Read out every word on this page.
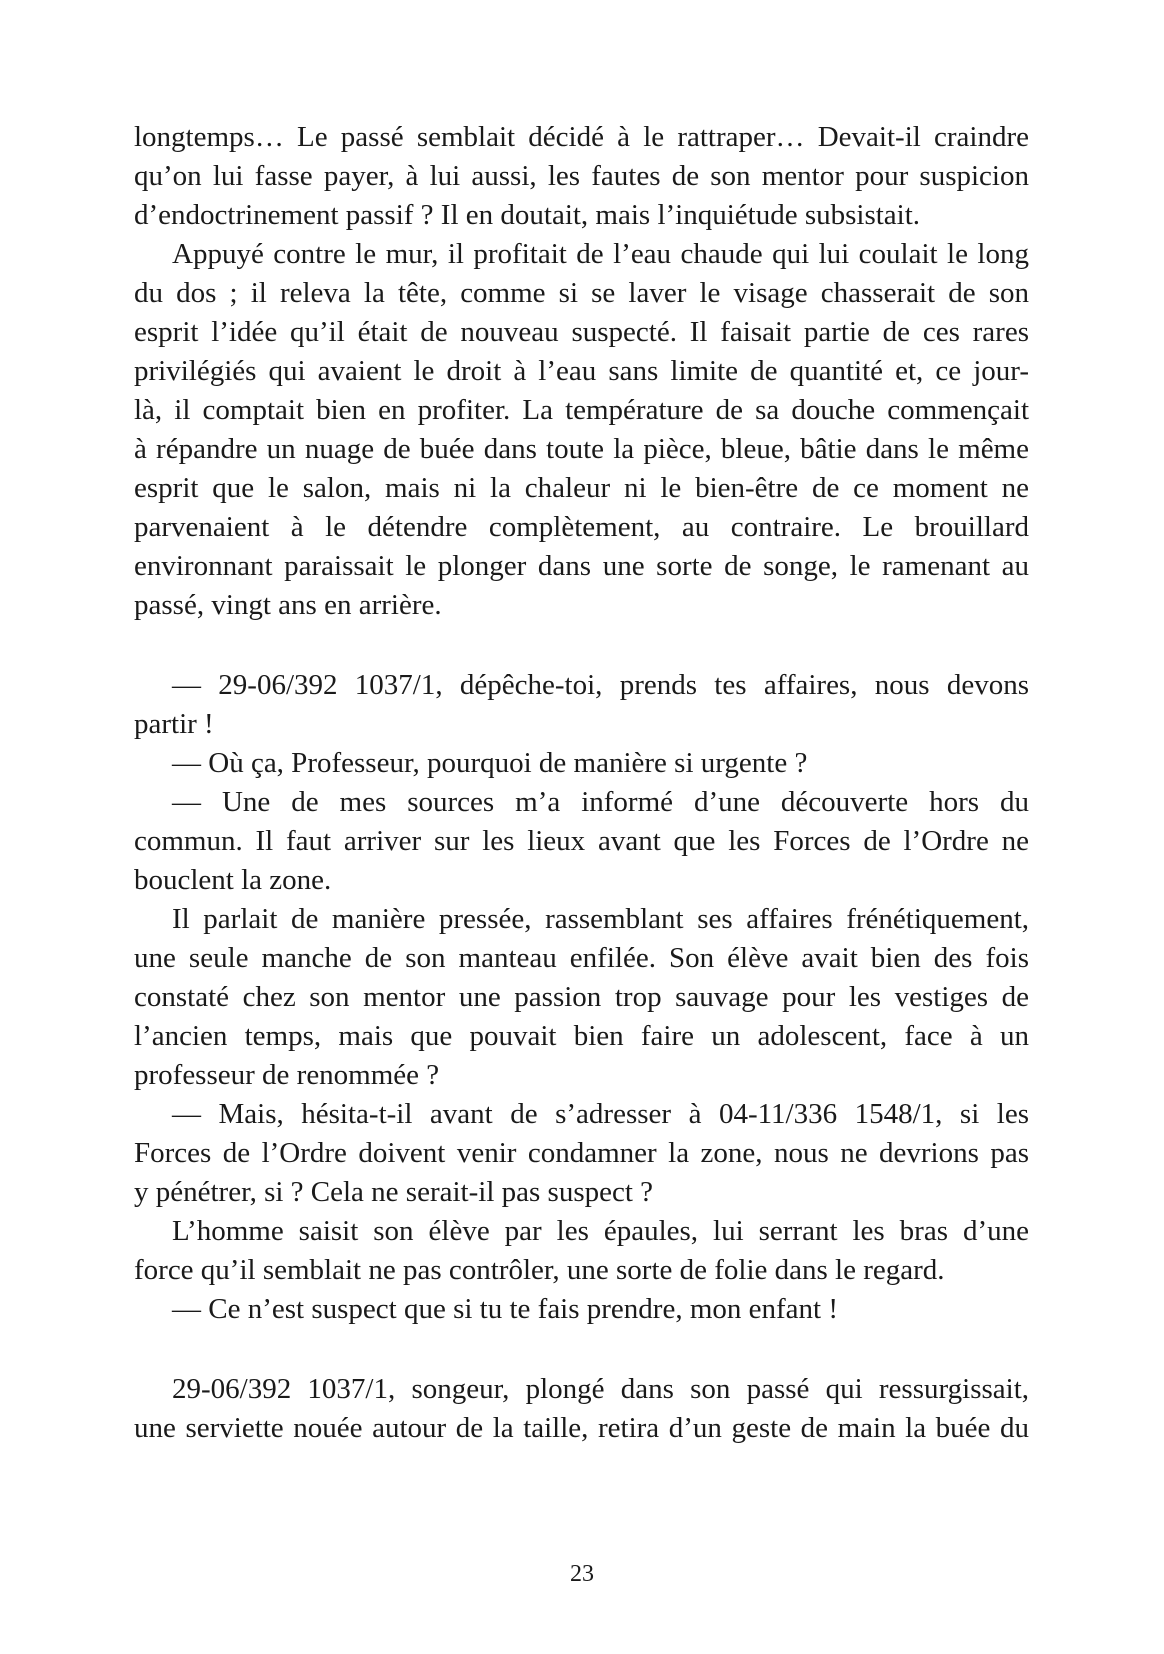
longtemps… Le passé semblait décidé à le rattraper… Devait-il craindre
qu’on lui fasse payer, à lui aussi, les fautes de son mentor pour suspicion
d’endoctrinement passif ? Il en doutait, mais l’inquiétude subsistait.
Appuyé contre le mur, il profitait de l’eau chaude qui lui coulait le long
du dos ; il releva la tête, comme si se laver le visage chasserait de son
esprit l’idée qu’il était de nouveau suspecté. Il faisait partie de ces rares
privilégiés qui avaient le droit à l’eau sans limite de quantité et, ce jour-
là, il comptait bien en profiter. La température de sa douche commençait
à répandre un nuage de buée dans toute la pièce, bleue, bâtie dans le même
esprit que le salon, mais ni la chaleur ni le bien-être de ce moment ne
parvenaient à le détendre complètement, au contraire. Le brouillard
environnant paraissait le plonger dans une sorte de songe, le ramenant au
passé, vingt ans en arrière.
— 29-06/392 1037/1, dépêche-toi, prends tes affaires, nous devons
partir !
— Où ça, Professeur, pourquoi de manière si urgente ?
— Une de mes sources m’a informé d’une découverte hors du
commun. Il faut arriver sur les lieux avant que les Forces de l’Ordre ne
bouclent la zone.
Il parlait de manière pressée, rassemblant ses affaires frénétiquement,
une seule manche de son manteau enfilée. Son élève avait bien des fois
constaté chez son mentor une passion trop sauvage pour les vestiges de
l’ancien temps, mais que pouvait bien faire un adolescent, face à un
professeur de renommée ?
— Mais, hésita-t-il avant de s’adresser à 04-11/336 1548/1, si les
Forces de l’Ordre doivent venir condamner la zone, nous ne devrions pas
y pénétrer, si ? Cela ne serait-il pas suspect ?
L’homme saisit son élève par les épaules, lui serrant les bras d’une
force qu’il semblait ne pas contrôler, une sorte de folie dans le regard.
— Ce n’est suspect que si tu te fais prendre, mon enfant !
29-06/392 1037/1, songeur, plongé dans son passé qui ressurgissait,
une serviette nouée autour de la taille, retira d’un geste de main la buée du
23
